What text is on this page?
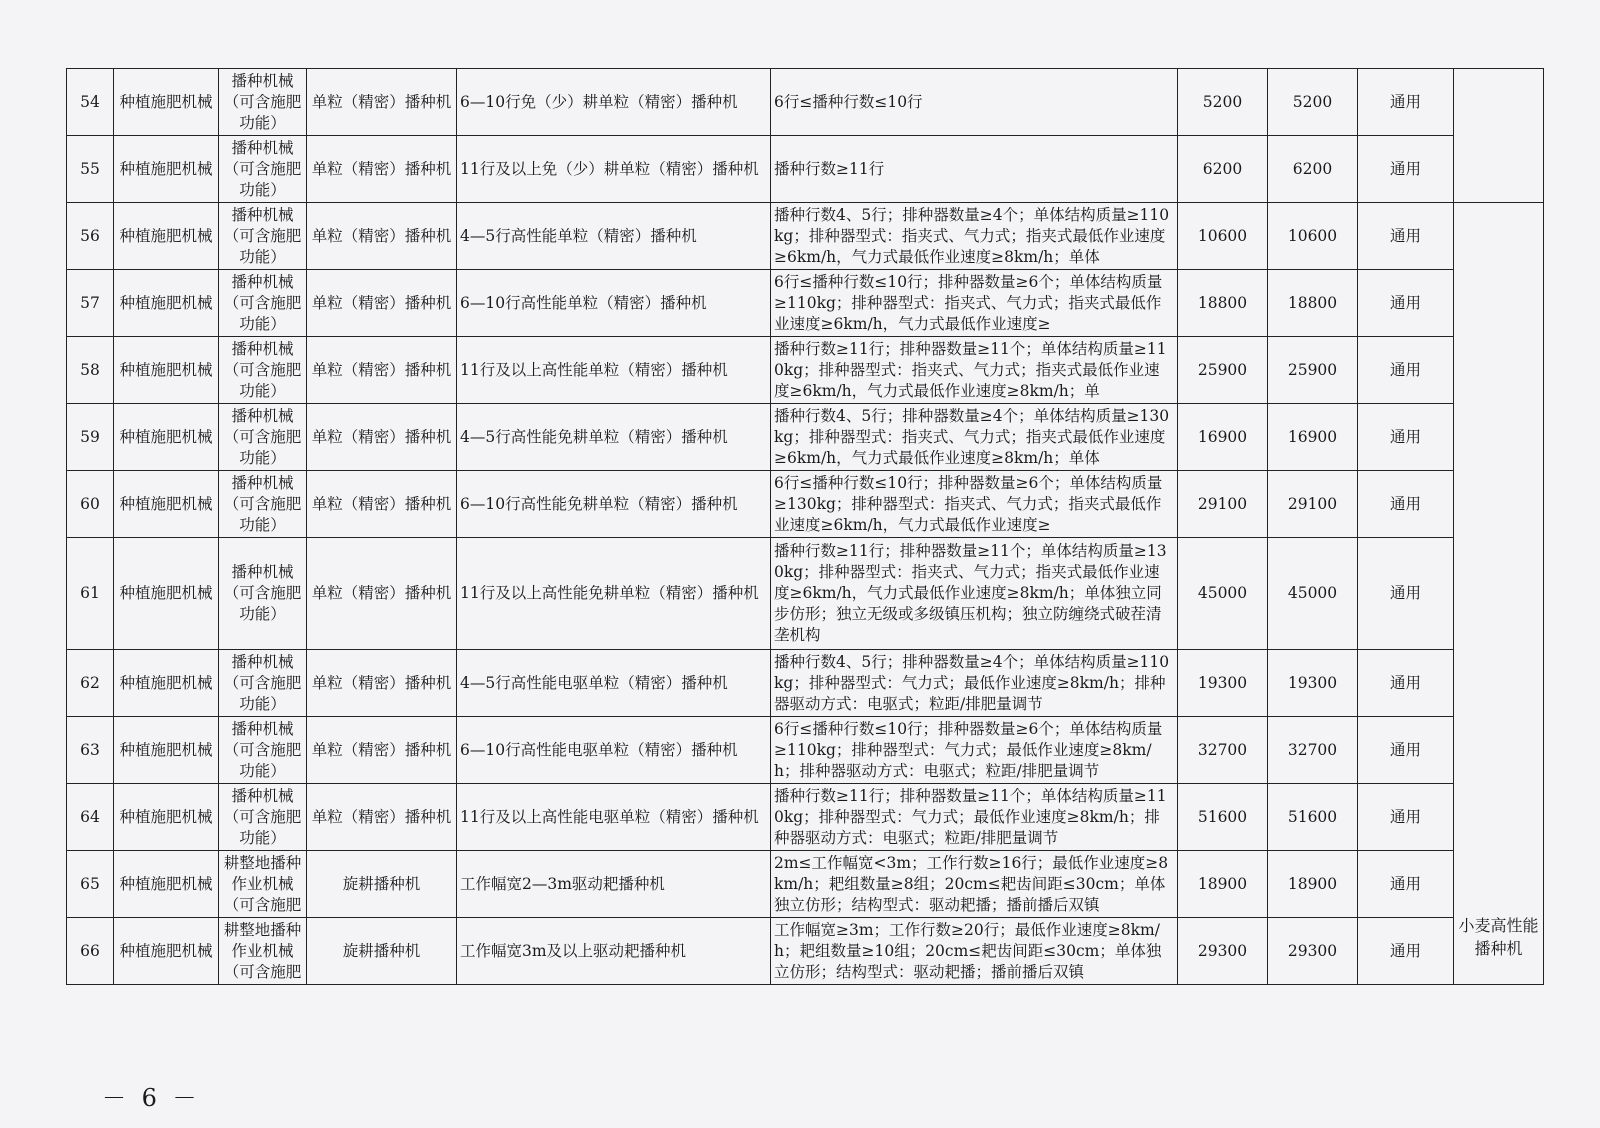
54	种植施肥机械	播种机械（可含施肥功能）	单粒（精密）播种机	6—10行免（少）耕单粒（精密）播种机	6行≤播种行数≤10行	5200	5200	通用	
55	种植施肥机械	播种机械（可含施肥功能）	单粒（精密）播种机	11行及以上免（少）耕单粒（精密）播种机	播种行数≥11行	6200	6200	通用	
56	种植施肥机械	播种机械（可含施肥功能）	单粒（精密）播种机	4—5行高性能单粒（精密）播种机	播种行数4、5行；排种器数量≥4个；单体结构质量≥110kg；排种器型式：指夹式、气力式；指夹式最低作业速度≥6km/h，气力式最低作业速度≥8km/h；单体	10600	10600	通用	小麦高性能播种机
57	种植施肥机械	播种机械（可含施肥功能）	单粒（精密）播种机	6—10行高性能单粒（精密）播种机	6行≤播种行数≤10行；排种器数量≥6个；单体结构质量≥110kg；排种器型式：指夹式、气力式；指夹式最低作业速度≥6km/h，气力式最低作业速度≥	18800	18800	通用	
58	种植施肥机械	播种机械（可含施肥功能）	单粒（精密）播种机	11行及以上高性能单粒（精密）播种机	播种行数≥11行；排种器数量≥11个；单体结构质量≥110kg；排种器型式：指夹式、气力式；指夹式最低作业速度≥6km/h，气力式最低作业速度≥8km/h；单	25900	25900	通用	
59	种植施肥机械	播种机械（可含施肥功能）	单粒（精密）播种机	4—5行高性能免耕单粒（精密）播种机	播种行数4、5行；排种器数量≥4个；单体结构质量≥130kg；排种器型式：指夹式、气力式；指夹式最低作业速度≥6km/h，气力式最低作业速度≥8km/h；单体	16900	16900	通用	
60	种植施肥机械	播种机械（可含施肥功能）	单粒（精密）播种机	6—10行高性能免耕单粒（精密）播种机	6行≤播种行数≤10行；排种器数量≥6个；单体结构质量≥130kg；排种器型式：指夹式、气力式；指夹式最低作业速度≥6km/h，气力式最低作业速度≥	29100	29100	通用	
61	种植施肥机械	播种机械（可含施肥功能）	单粒（精密）播种机	11行及以上高性能免耕单粒（精密）播种机	播种行数≥11行；排种器数量≥11个；单体结构质量≥130kg；排种器型式：指夹式、气力式；指夹式最低作业速度≥6km/h，气力式最低作业速度≥8km/h；单体独立同步仿形；独立无级或多级镇压机构；独立防缠绕式破茬清垄机构	45000	45000	通用	
62	种植施肥机械	播种机械（可含施肥功能）	单粒（精密）播种机	4—5行高性能电驱单粒（精密）播种机	播种行数4、5行；排种器数量≥4个；单体结构质量≥110kg；排种器型式：气力式；最低作业速度≥8km/h；排种器驱动方式：电驱式；粒距/排肥量调节	19300	19300	通用	
63	种植施肥机械	播种机械（可含施肥功能）	单粒（精密）播种机	6—10行高性能电驱单粒（精密）播种机	6行≤播种行数≤10行；排种器数量≥6个；单体结构质量≥110kg；排种器型式：气力式；最低作业速度≥8km/h；排种器驱动方式：电驱式；粒距/排肥量调节	32700	32700	通用	
64	种植施肥机械	播种机械（可含施肥功能）	单粒（精密）播种机	11行及以上高性能电驱单粒（精密）播种机	播种行数≥11行；排种器数量≥11个；单体结构质量≥110kg；排种器型式：气力式；最低作业速度≥8km/h；排种器驱动方式：电驱式；粒距/排肥量调节	51600	51600	通用	
65	种植施肥机械	耕整地播种作业机械（可含施肥	旋耕播种机	工作幅宽2—3m驱动耙播种机	2m≤工作幅宽<3m；工作行数≥16行；最低作业速度≥8km/h；耙组数量≥8组；20cm≤耙齿间距≤30cm；单体独立仿形；结构型式：驱动耙播；播前播后双镇	18900	18900	通用	
66	种植施肥机械	耕整地播种作业机械（可含施肥	旋耕播种机	工作幅宽3m及以上驱动耙播种机	工作幅宽≥3m；工作行数≥20行；最低作业速度≥8km/h；耙组数量≥10组；20cm≤耙齿间距≤30cm；单体独立仿形；结构型式：驱动耙播；播前播后双镇	29300	29300	通用	
－ 6 －
